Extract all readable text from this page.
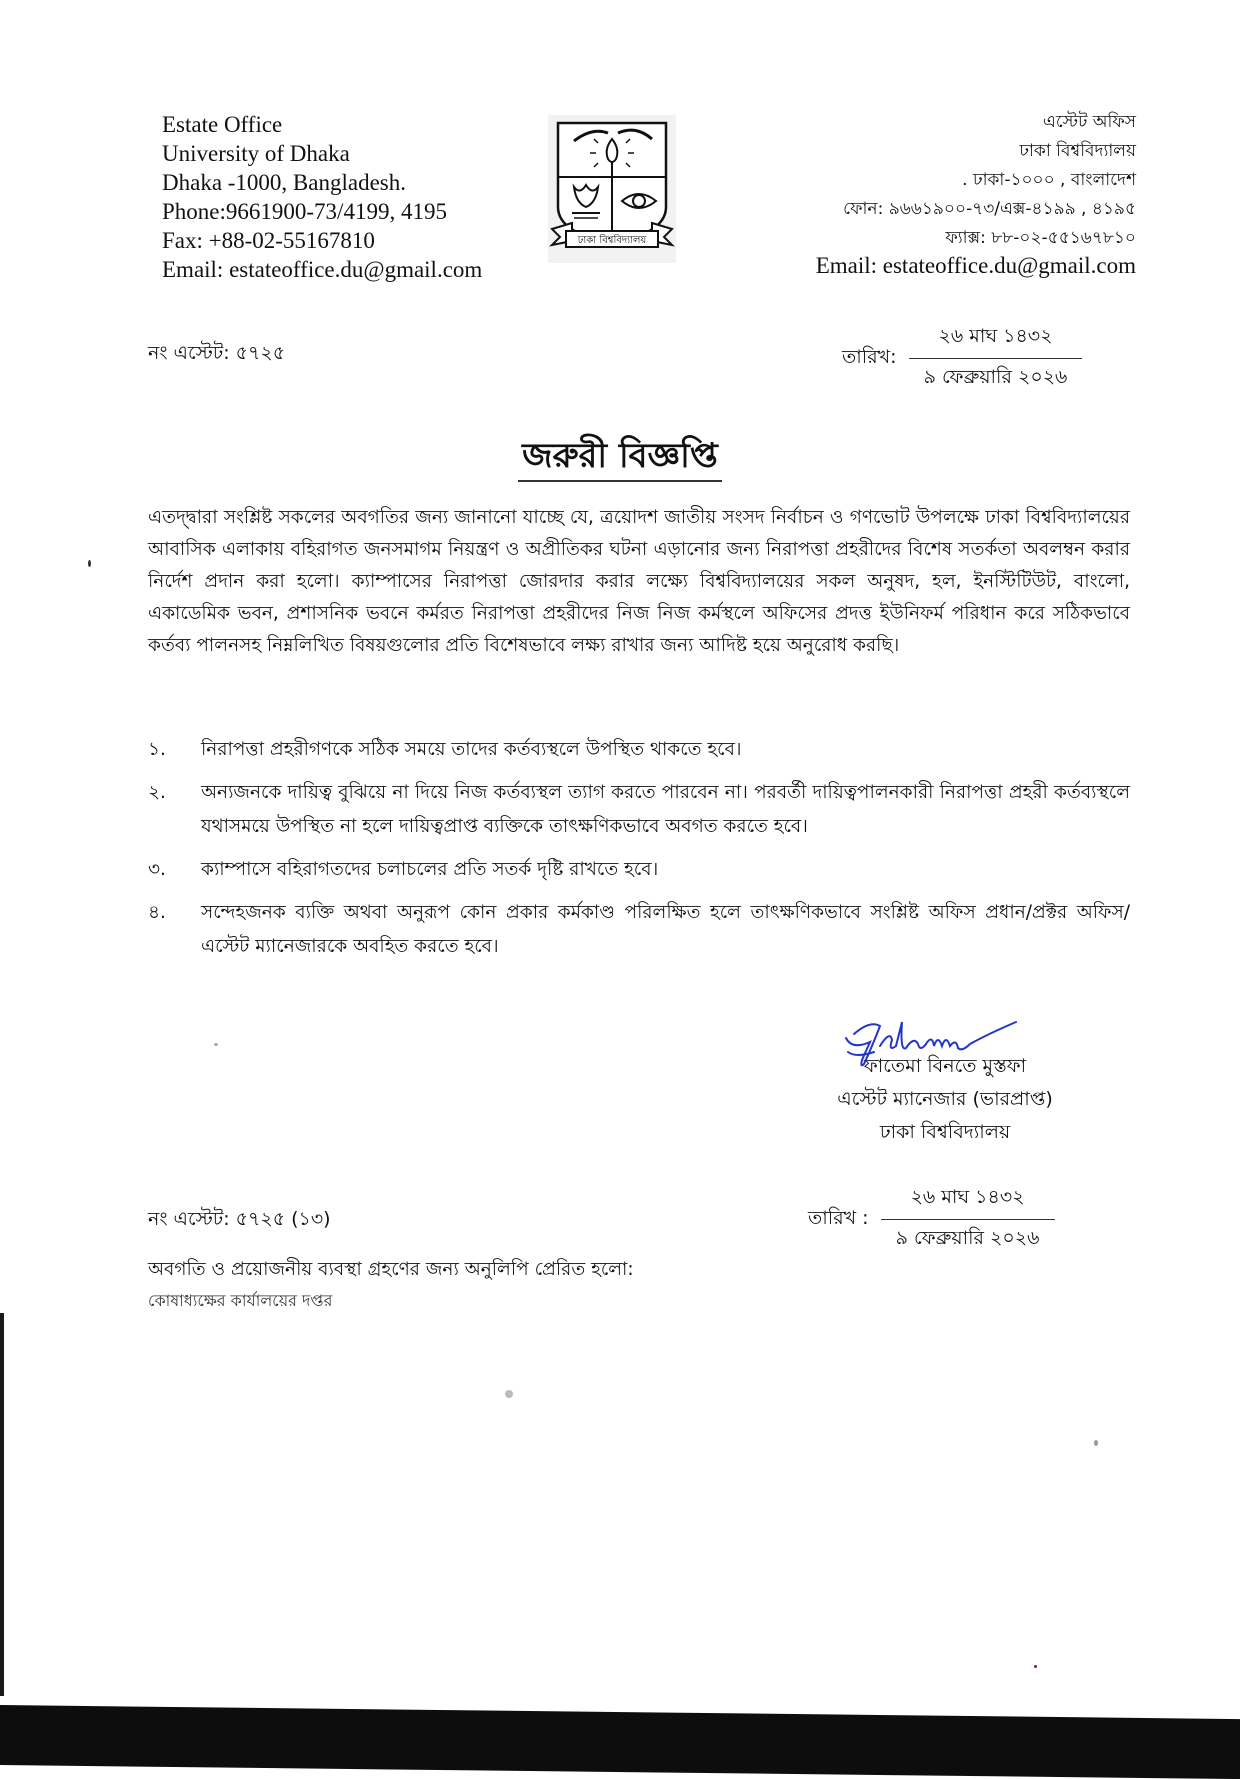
Estate Office
University of Dhaka
Dhaka -1000, Bangladesh.
Phone:9661900-73/4199, 4195
Fax: +88-02-55167810
Email: estateoffice.du@gmail.com
ঢাকা বিশ্ববিদ্যালয়
এস্টেট অফিস
ঢাকা বিশ্ববিদ্যালয়
. ঢাকা-১০০০ , বাংলাদেশ
ফোন: ৯৬৬১৯০০-৭৩/এক্স-৪১৯৯ , ৪১৯৫
ফ্যাক্স: ৮৮-০২-৫৫১৬৭৮১০
Email: estateoffice.du@gmail.com
নং এস্টেট: ৫৭২৫	তারিখ: $\frac{\text{২৬ মাঘ ১৪৩২}}{\text{৯ ফেব্রুয়ারি ২০২৬}}$
জরুরী বিজ্ঞপ্তি
এতদ্দ্বারা সংশ্লিষ্ট সকলের অবগতির জন্য জানানো যাচ্ছে যে, ত্রয়োদশ জাতীয় সংসদ নির্বাচন ও গণভোট উপলক্ষে ঢাকা বিশ্ববিদ্যালয়ের আবাসিক এলাকায় বহিরাগত জনসমাগম নিয়ন্ত্রণ ও অপ্রীতিকর ঘটনা এড়ানোর জন্য নিরাপত্তা প্রহরীদের বিশেষ সতর্কতা অবলম্বন করার নির্দেশ প্রদান করা হলো। ক্যাম্পাসের নিরাপত্তা জোরদার করার লক্ষ্যে বিশ্ববিদ্যালয়ের সকল অনুষদ, হল, ইনস্টিটিউট, বাংলো, একাডেমিক ভবন, প্রশাসনিক ভবনে কর্মরত নিরাপত্তা প্রহরীদের নিজ নিজ কর্মস্থলে অফিসের প্রদত্ত ইউনিফর্ম পরিধান করে সঠিকভাবে কর্তব্য পালনসহ নিম্নলিখিত বিষয়গুলোর প্রতি বিশেষভাবে লক্ষ্য রাখার জন্য আদিষ্ট হয়ে অনুরোধ করছি।
১.	নিরাপত্তা প্রহরীগণকে সঠিক সময়ে তাদের কর্তব্যস্থলে উপস্থিত থাকতে হবে।
২.	অন্যজনকে দায়িত্ব বুঝিয়ে না দিয়ে নিজ কর্তব্যস্থল ত্যাগ করতে পারবেন না। পরবর্তী দায়িত্বপালনকারী নিরাপত্তা প্রহরী কর্তব্যস্থলে যথাসময়ে উপস্থিত না হলে দায়িত্বপ্রাপ্ত ব্যক্তিকে তাৎক্ষণিকভাবে অবগত করতে হবে।
৩.	ক্যাম্পাসে বহিরাগতদের চলাচলের প্রতি সতর্ক দৃষ্টি রাখতে হবে।
৪.	সন্দেহজনক ব্যক্তি অথবা অনুরূপ কোন প্রকার কর্মকাণ্ড পরিলক্ষিত হলে তাৎক্ষণিকভাবে সংশ্লিষ্ট অফিস প্রধান/প্রক্টর অফিস/এস্টেট ম্যানেজারকে অবহিত করতে হবে।
ফাতেমা বিনতে মুস্তফা
এস্টেট ম্যানেজার (ভারপ্রাপ্ত)
ঢাকা বিশ্ববিদ্যালয়
নং এস্টেট: ৫৭২৫ (১৩)	তারিখ : $\frac{\text{২৬ মাঘ ১৪৩২}}{\text{৯ ফেব্রুয়ারি ২০২৬}}$
অবগতি ও প্রয়োজনীয় ব্যবস্থা গ্রহণের জন্য অনুলিপি প্রেরিত হলো:
কোষাধ্যক্ষের কার্যালয়ের দপ্তর
